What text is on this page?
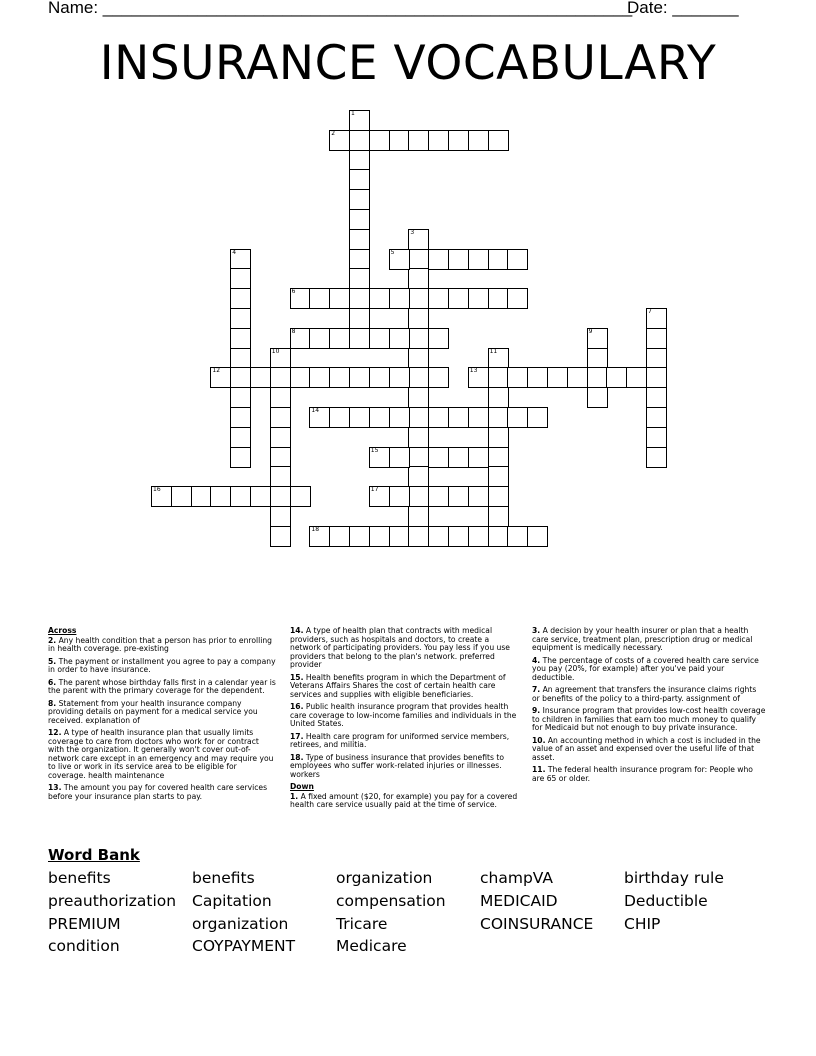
Name: ________________________________________________________
Date: _______
INSURANCE VOCABULARY
1
2
3
4	5
6
7
8	9
10	11
12	13
14
15
16	17
18
Across
2. Any health condition that a person has prior to enrolling in health coverage. pre-existing
5. The payment or installment you agree to pay a company in order to have insurance.
6. The parent whose birthday falls first in a calendar year is the parent with the primary coverage for the dependent.
8. Statement from your health insurance company providing details on payment for a medical service you received. explanation of
12. A type of health insurance plan that usually limits coverage to care from doctors who work for or contract with the organization. It generally won't cover out-of-network care except in an emergency and may require you to live or work in its service area to be eligible for coverage. health maintenance
13. The amount you pay for covered health care services before your insurance plan starts to pay.
14. A type of health plan that contracts with medical providers, such as hospitals and doctors, to create a network of participating providers. You pay less if you use providers that belong to the plan's network. preferred provider
15. Health benefits program in which the Department of Veterans Affairs Shares the cost of certain health care services and supplies with eligible beneficiaries.
16. Public health insurance program that provides health care coverage to low-income families and individuals in the United States.
17. Health care program for uniformed service members, retirees, and militia.
18. Type of business insurance that provides benefits to employees who suffer work-related injuries or illnesses. workers
Down
1. A fixed amount ($20, for example) you pay for a covered health care service usually paid at the time of service.
3. A decision by your health insurer or plan that a health care service, treatment plan, prescription drug or medical equipment is medically necessary.
4. The percentage of costs of a covered health care service you pay (20%, for example) after you've paid your deductible.
7. An agreement that transfers the insurance claims rights or benefits of the policy to a third-party. assignment of
9. Insurance program that provides low-cost health coverage to children in families that earn too much money to qualify for Medicaid but not enough to buy private insurance.
10. An accounting method in which a cost is included in the value of an asset and expensed over the useful life of that asset.
11. The federal health insurance program for: People who are 65 or older.
Word Bank
benefits	benefits	organization	champVA	birthday rule
preauthorization Capitation	compensation MEDICAID	Deductible
PREMIUM	organization	Tricare	COINSURANCE CHIP
condition	COYPAYMENT	Medicare
